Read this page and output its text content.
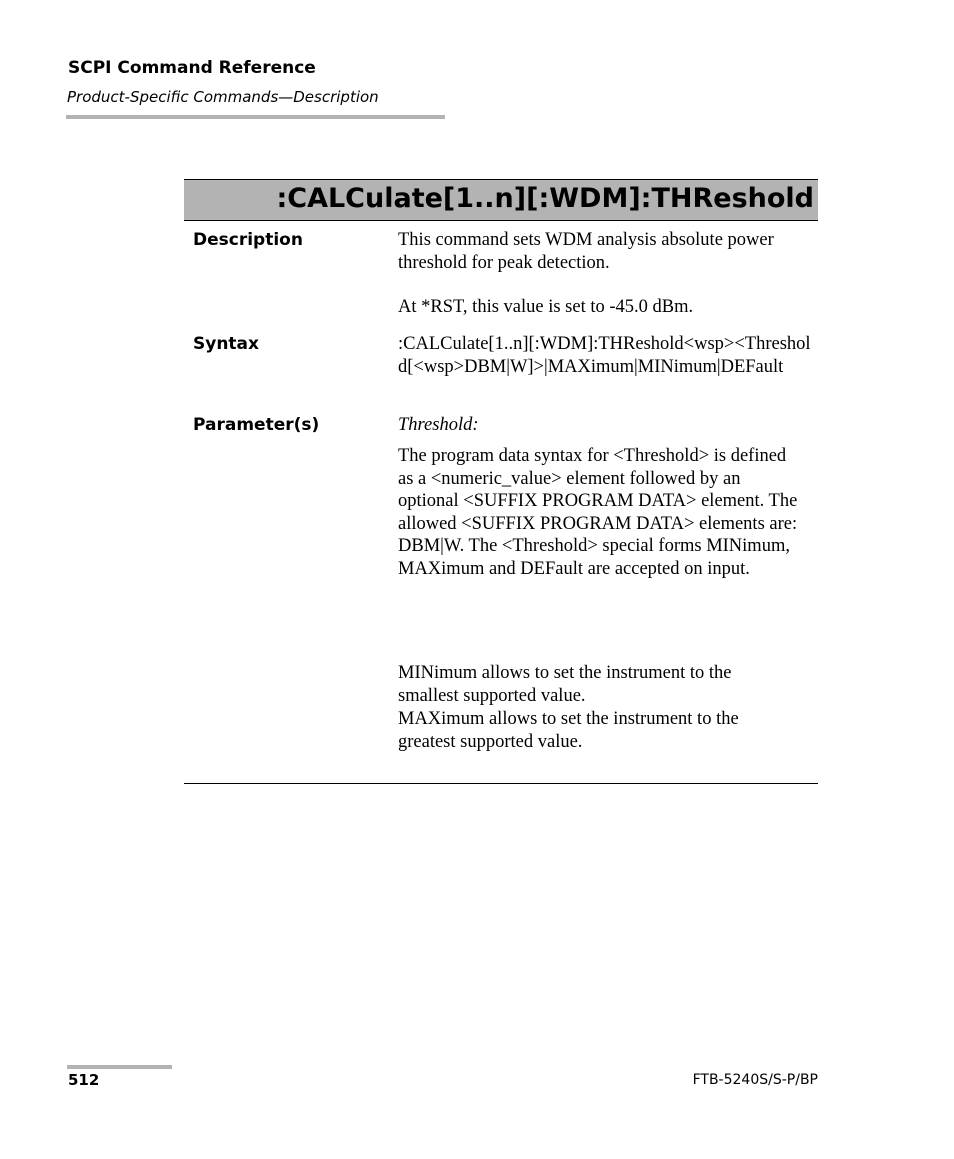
SCPI Command Reference
Product-Specific Commands—Description
:CALCulate[1..n][:WDM]:THReshold
Description	This command sets WDM analysis absolute power threshold for peak detection.
At *RST, this value is set to -45.0 dBm.
Syntax	:CALCulate[1..n][:WDM]:THReshold<wsp><Threshold[<wsp>DBM|W]>|MAXimum|MINimum|DEFault
Parameter(s)	Threshold:
The program data syntax for <Threshold> is defined as a <numeric_value> element followed by an optional <SUFFIX PROGRAM DATA> element. The allowed <SUFFIX PROGRAM DATA> elements are: DBM|W. The <Threshold> special forms MINimum, MAXimum and DEFault are accepted on input.
MINimum allows to set the instrument to the smallest supported value.
MAXimum allows to set the instrument to the greatest supported value.
512	FTB-5240S/S-P/BP
